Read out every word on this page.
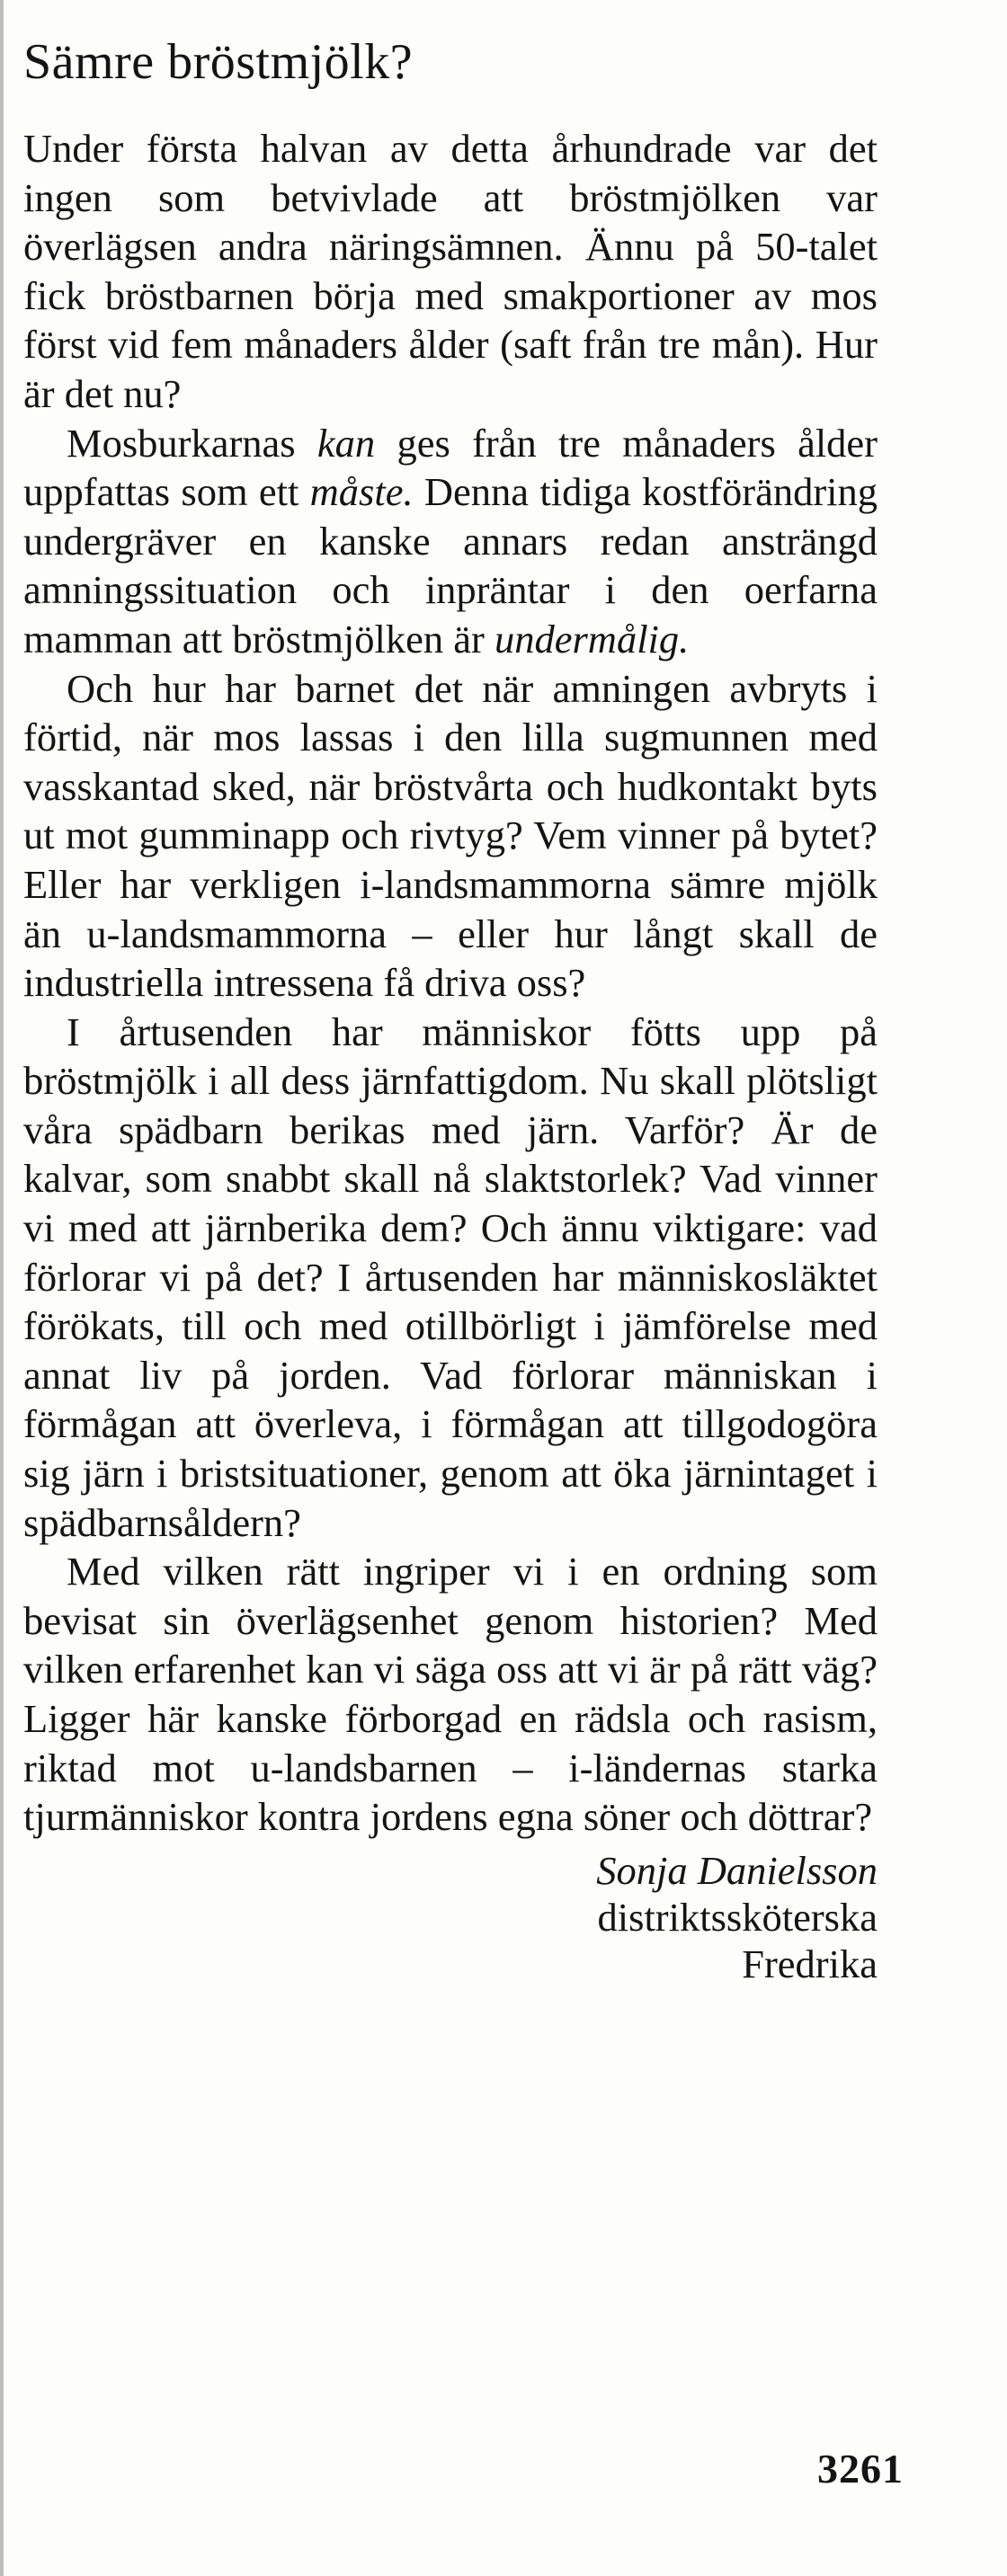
Sämre bröstmjölk?

Under första halvan av detta århundrade var det ingen som betvivlade att bröstmjölken var överlägsen andra näringsämnen. Ännu på 50-talet fick bröstbarnen börja med smakportioner av mos först vid fem månaders ålder (saft från tre mån). Hur är det nu?

Mosburkarnas kan ges från tre månaders ålder uppfattas som ett måste. Denna tidiga kostförändring undergräver en kanske annars redan ansträngd amningssituation och inpräntar i den oerfarna mamman att bröstmjölken är undermålig.

Och hur har barnet det när amningen avbryts i förtid, när mos lassas i den lilla sugmunnen med vasskantad sked, när bröstvårta och hudkontakt byts ut mot gumminapp och rivtyg? Vem vinner på bytet? Eller har verkligen i-landsmammorna sämre mjölk än u-landsmammorna – eller hur långt skall de industriella intressena få driva oss?

I årtusenden har människor fötts upp på bröstmjölk i all dess järnfattigdom. Nu skall plötsligt våra spädbarn berikas med järn. Varför? Är de kalvar, som snabbt skall nå slaktstorlek? Vad vinner vi med att järnberika dem? Och ännu viktigare: vad förlorar vi på det? I årtusenden har människosläktet förökats, till och med otillbörligt i jämförelse med annat liv på jorden. Vad förlorar människan i förmågan att överleva, i förmågan att tillgodogöra sig järn i bristsituationer, genom att öka järnintaget i spädbarnsåldern?

Med vilken rätt ingriper vi i en ordning som bevisat sin överlägsenhet genom historien? Med vilken erfarenhet kan vi säga oss att vi är på rätt väg? Ligger här kanske förborgad en rädsla och rasism, riktad mot u-landsbarnen – i-ländernas starka tjurmänniskor kontra jordens egna söner och döttrar?

Sonja Danielsson
distriktssköterska
Fredrika
3261
